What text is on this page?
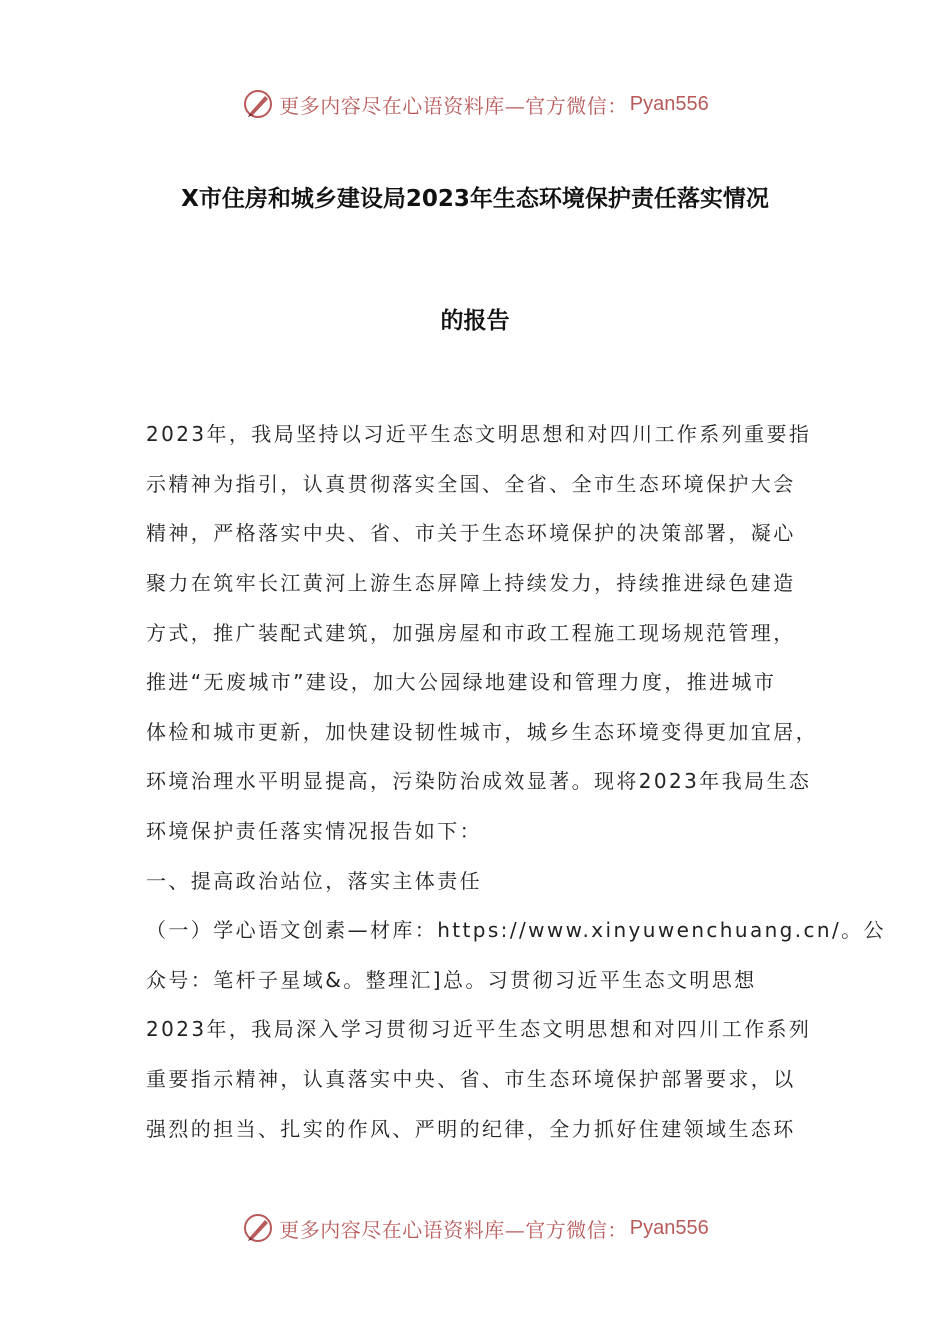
更多内容尽在心语资料库—官方微信： Pyan556
X市住房和城乡建设局2023年生态环境保护责任落实情况
的报告
2023年，我局坚持以习近平生态文明思想和对四川工作系列重要指
示精神为指引，认真贯彻落实全国、全省、全市生态环境保护大会
精神，严格落实中央、省、市关于生态环境保护的决策部署，凝心
聚力在筑牢长江黄河上游生态屏障上持续发力，持续推进绿色建造
方式，推广装配式建筑，加强房屋和市政工程施工现场规范管理，
推进“无废城市”建设，加大公园绿地建设和管理力度，推进城市
体检和城市更新，加快建设韧性城市，城乡生态环境变得更加宜居，
环境治理水平明显提高，污染防治成效显著。现将2023年我局生态
环境保护责任落实情况报告如下：
一、提高政治站位，落实主体责任
（一）学心语文创素—材库：https://www.xinyuwenchuang.cn/。公
众号：笔杆子星域&。整理汇]总。习贯彻习近平生态文明思想
2023年，我局深入学习贯彻习近平生态文明思想和对四川工作系列
重要指示精神，认真落实中央、省、市生态环境保护部署要求，以
强烈的担当、扎实的作风、严明的纪律，全力抓好住建领域生态环
更多内容尽在心语资料库—官方微信： Pyan556
